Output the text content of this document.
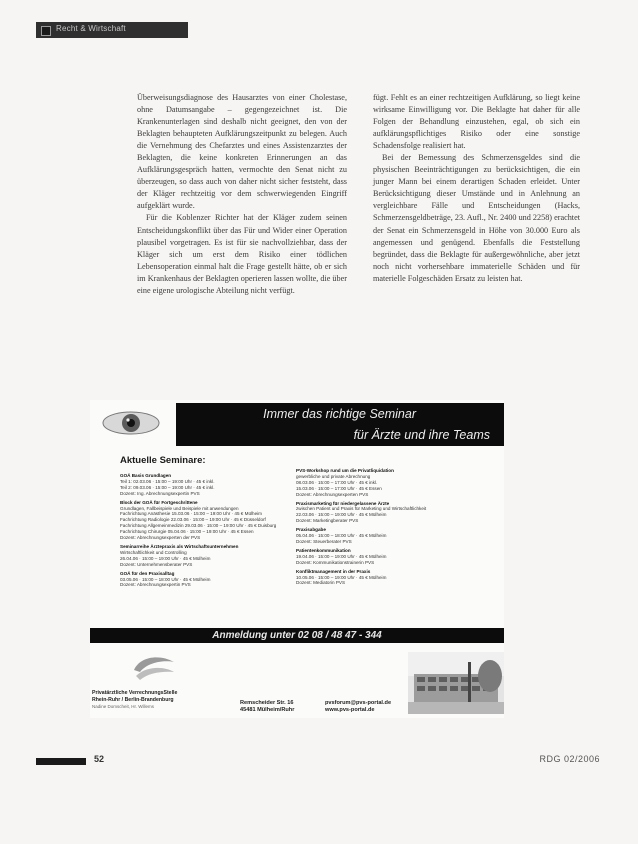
Recht & Wirtschaft

Überweisungsdiagnose des Hausarztes von einer Cholestase, ohne Datumsangabe – gegengezeichnet ist. Die Krankenunterlagen sind deshalb nicht geeignet, den von der Beklagten behaupteten Aufklärungszeitpunkt zu belegen. Auch die Vernehmung des Chefarztes und eines Assistenzarztes der Beklagten, die keine konkreten Erinnerungen an das Aufklärungsgespräch hatten, vermochte den Senat nicht zu überzeugen, so dass auch von daher nicht sicher feststeht, dass der Kläger rechtzeitig vor dem schwerwiegenden Eingriff aufgeklärt wurde.

Für die Koblenzer Richter hat der Kläger zudem seinen Entscheidungskonflikt über das Für und Wider einer Operation plausibel vorgetragen. Es ist für sie nachvollziehbar, dass der Kläger sich um erst dem Risiko einer tödlichen Lebensoperation einmal halt die Frage gestellt hätte, ob er sich im Krankenhaus der Beklagten operieren lassen wollte, die über eine eigene urologische Abteilung nicht verfügt.

fügt. Fehlt es an einer rechtzeitigen Aufklärung, so liegt keine wirksame Einwilligung vor. Die Beklagte hat daher für alle Folgen der Behandlung einzustehen, egal, ob sich ein aufklärungspflichtiges Risiko oder eine sonstige Schadensfolge realisiert hat.

Bei der Bemessung des Schmerzensgeldes sind die physischen Beeinträchtigungen zu berücksichtigen, die ein junger Mann bei einem derartigen Schaden erleidet. Unter Berücksichtigung dieser Umstände und in Anlehnung an vergleichbare Fälle und Entscheidungen (Hacks, Schmerzensgeldbeträge, 23. Aufl., Nr. 2400 und 2258) erachtet der Senat ein Schmerzensgeld in Höhe von 30.000 Euro als angemessen und genügend. Ebenfalls die Feststellung begründet, dass die Beklagte für außergewöhnliche, aber jetzt noch nicht vorhersehbare immaterielle Schäden und für materielle Folgeschäden Ersatz zu leisten hat.

Immer das richtige Seminar
für Ärzte und ihre Teams
Aktuelle Seminare:
GOÄ Basis Grundlagen
Teil 1: 02.03.06 · 15:00 – 19:00 Uhr · 45 € inkl.
Teil 2: 09.03.06 · 15:00 – 19:00 Uhr · 45 € inkl.
Dozent: Ing. Abrechnungsexpertin PVS
Block der GOÄ für Fortgeschrittene
Grundlagen, Fallbeispiele und Beispiele mit anwendungen
Fachrichtung Anästhesie 15.03.06 · 15:00 – 19:00 Uhr · 45 € Mülheim
Fachrichtung Radiologie 22.03.06 · 15:00 – 19:00 Uhr · 45 € Düsseldorf
Fachrichtung Allgemeinmedizin 29.03.06 · 15:00 – 19:00 Uhr · 45 € Duisburg
Fachrichtung Chirurgie 05.04.06 · 15:00 – 19:00 Uhr · 45 € Essen
Dozent: Abrechnungsexperten der PVS
Seminarreihe Ärztepraxis als Wirtschaftsunternehmen
Wirtschaftlichkeit und Controlling
26.04.06 · 15:00 – 19:00 Uhr · 45 € Mülheim
Dozent: Unternehmensberater PVS
GOÄ für den Praxisalltag
03.05.06 · 15:00 – 18:00 Uhr · 45 € Mülheim
Dozent: Abrechnungsexpertin PVS
PVS-Workshop rund um die Privatliquidation
gewerbliche und private Abrechnung
08.03.06 · 15:00 – 17:00 Uhr · 45 € inkl.
15.03.06 · 15:00 – 17:00 Uhr · 45 € Essen
Dozent: Abrechnungsexperten PVS
Praxismarketing für niedergelassene Ärzte
zwischen Patient und Praxis für Marketing und Wirtschaftlichkeit
22.03.06 · 15:00 – 19:00 Uhr · 45 € Mülheim
Dozent: Marketingberater PVS
Praxisabgabe
05.04.06 · 15:00 – 18:00 Uhr · 45 € Mülheim
Dozent: Steuerberater PVS
Patientenkommunikation
19.04.06 · 15:00 – 19:00 Uhr · 45 € Mülheim
Dozent: Kommunikationstrainerin PVS
Konfliktmanagement in der Praxis
10.05.06 · 15:00 – 19:00 Uhr · 45 € Mülheim
Dozent: Mediatorin PVS
Anmeldung unter 02 08 / 48 47 - 344
Privatärztliche VerrechnungsStelle
Rhein-Ruhr / Berlin-Brandenburg
Nadine Domscheit, Hr. Willems
Remscheider Str. 16
45481 Mülheim/Ruhr
pvsforum@pvs-portal.de
www.pvs-portal.de
52	RDG 02/2006
